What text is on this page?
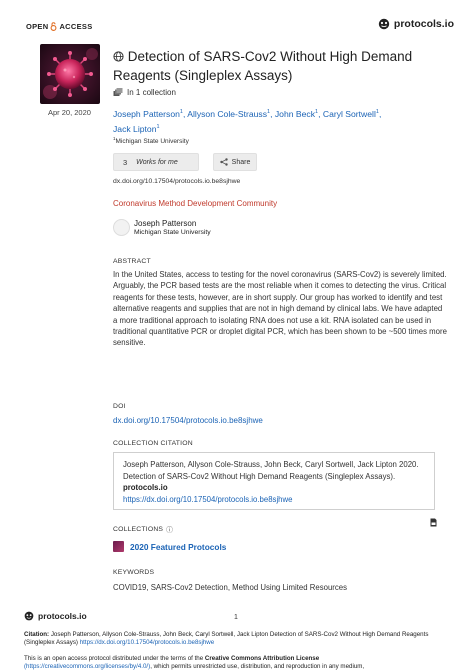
OPEN ACCESS	protocols.io
Apr 20, 2020
Detection of SARS-Cov2 Without High Demand Reagents (Singleplex Assays)
In 1 collection
Joseph Patterson$^1$, Allyson Cole-Strauss$^1$, John Beck$^1$, Caryl Sortwell$^1$,
Jack Lipton$^1$
$^1$Michigan State University
3	Works for me	Share
dx.doi.org/10.17504/protocols.io.be8sjhwe
Coronavirus Method Development Community
Joseph Patterson
Michigan State University
ABSTRACT
In the United States, access to testing for the novel coronavirus (SARS-Cov2) is severely limited. Arguably, the PCR based tests are the most reliable when it comes to detecting the virus. Critical reagents for these tests, however, are in short supply. Our group has worked to identify and test alternative reagents and supplies that are not in high demand by clinical labs. We have adapted a more traditional approach to isolating RNA does not use a kit. RNA isolated can be used in traditional quantitative PCR or droplet digital PCR, which has been shown to be ~500 times more sensitive.
DOI
dx.doi.org/10.17504/protocols.io.be8sjhwe
COLLECTION CITATION
Joseph Patterson, Allyson Cole-Strauss, John Beck, Caryl Sortwell, Jack Lipton 2020. Detection of SARS-Cov2 Without High Demand Reagents (Singleplex Assays). protocols.io
https://dx.doi.org/10.17504/protocols.io.be8sjhwe
COLLECTIONS ⓘ
2020 Featured Protocols
KEYWORDS
COVID19, SARS-Cov2 Detection, Method Using Limited Resources
protocols.io	1
Citation: Joseph Patterson, Allyson Cole-Strauss, John Beck, Caryl Sortwell, Jack Lipton Detection of SARS-Cov2 Without High Demand Reagents (Singleplex Assays) https://dx.doi.org/10.17504/protocols.io.be8sjhwe
This is an open access protocol distributed under the terms of the Creative Commons Attribution License
(https://creativecommons.org/licenses/by/4.0/), which permits unrestricted use, distribution, and reproduction in any medium,
